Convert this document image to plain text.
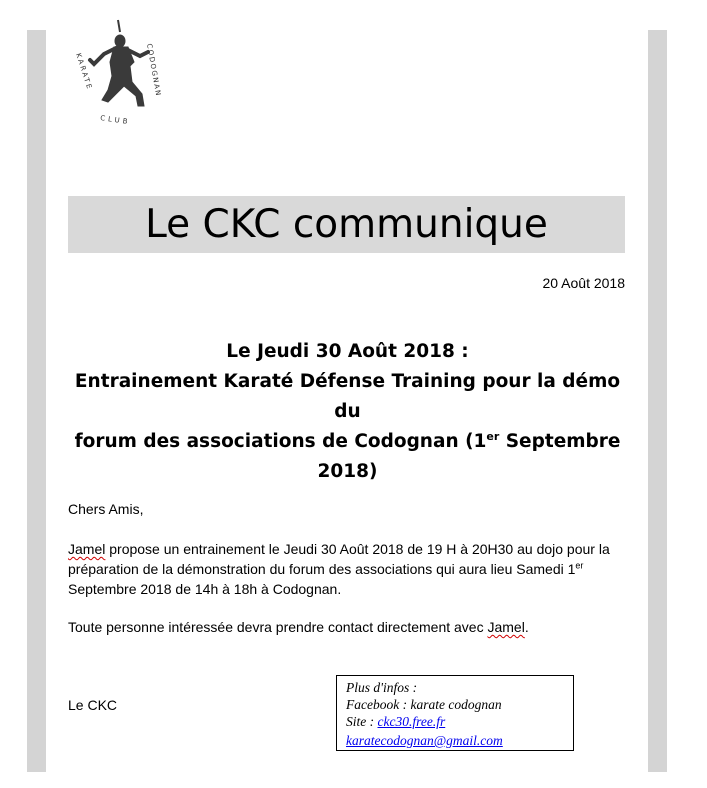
KARATE	CODOGNAN
CLUB
Le CKC communique
20 Août 2018
Le Jeudi 30 Août 2018 :
Entrainement Karaté Défense Training pour la démo du
forum des associations de Codognan (1er Septembre
2018)
Chers Amis,
Jamel propose un entrainement le Jeudi 30 Août 2018 de 19 H à 20H30 au dojo pour la préparation de la démonstration du forum des associations qui aura lieu Samedi 1er Septembre 2018 de 14h à 18h à Codognan.
Toute personne intéressée devra prendre contact directement avec Jamel.
Le CKC
Plus d'infos :
Facebook : karate codognan
Site : ckc30.free.fr
karatecodognan@gmail.com
